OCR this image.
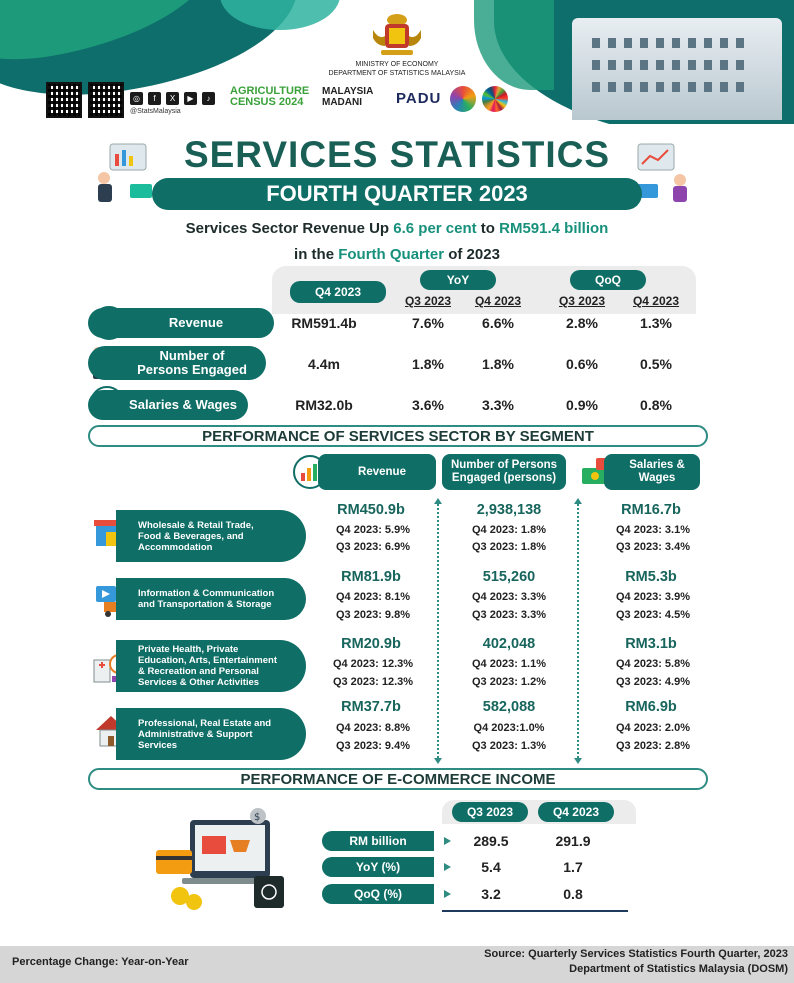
MINISTRY OF ECONOMY
DEPARTMENT OF STATISTICS MALAYSIA
◎	f	X	▶	♪
@StatsMalaysia
AGRICULTURE
CENSUS 2024
MALAYSIA
MADANI	PADU
SERVICES STATISTICS
FOURTH QUARTER 2023
Services Sector Revenue Up 6.6 per cent to RM591.4 billion
in the Fourth Quarter of 2023
Q4 2023
YoY	QoQ
Q3 2023	Q4 2023	Q3 2023	Q4 2023
Revenue	RM591.4b	7.6%	6.6%	2.8%	1.3%
Number of
Persons Engaged	4.4m	1.8%	1.8%	0.6%	0.5%
Salaries & Wages	RM32.0b	3.6%	3.3%	0.9%	0.8%
PERFORMANCE OF SERVICES SECTOR BY SEGMENT
Revenue
Number of Persons
Engaged (persons)
Salaries &
Wages
Wholesale & Retail Trade,
Food & Beverages, and
Accommodation
RM450.9b
Q4 2023: 5.9%
Q3 2023: 6.9%
2,938,138
Q4 2023: 1.8%
Q3 2023: 1.8%
RM16.7b
Q4 2023: 3.1%
Q3 2023: 3.4%
Information & Communication
and Transportation & Storage
RM81.9b
Q4 2023: 8.1%
Q3 2023: 9.8%
515,260
Q4 2023: 3.3%
Q3 2023: 3.3%
RM5.3b
Q4 2023: 3.9%
Q3 2023: 4.5%
Private Health, Private
Education, Arts, Entertainment
& Recreation and Personal
Services & Other Activities
RM20.9b
Q4 2023: 12.3%
Q3 2023: 12.3%
402,048
Q4 2023: 1.1%
Q3 2023: 1.2%
RM3.1b
Q4 2023: 5.8%
Q3 2023: 4.9%
Professional, Real Estate and
Administrative & Support
Services
RM37.7b
Q4 2023: 8.8%
Q3 2023: 9.4%
582,088
Q4 2023:1.0%
Q3 2023: 1.3%
RM6.9b
Q4 2023: 2.0%
Q3 2023: 2.8%
PERFORMANCE OF E-COMMERCE INCOME
$	Q3 2023	Q4 2023
RM billion	289.5	291.9
YoY (%)	5.4	1.7
QoQ (%)	3.2	0.8
Percentage Change: Year-on-Year
Source: Quarterly Services Statistics Fourth Quarter, 2023
Department of Statistics Malaysia (DOSM)
